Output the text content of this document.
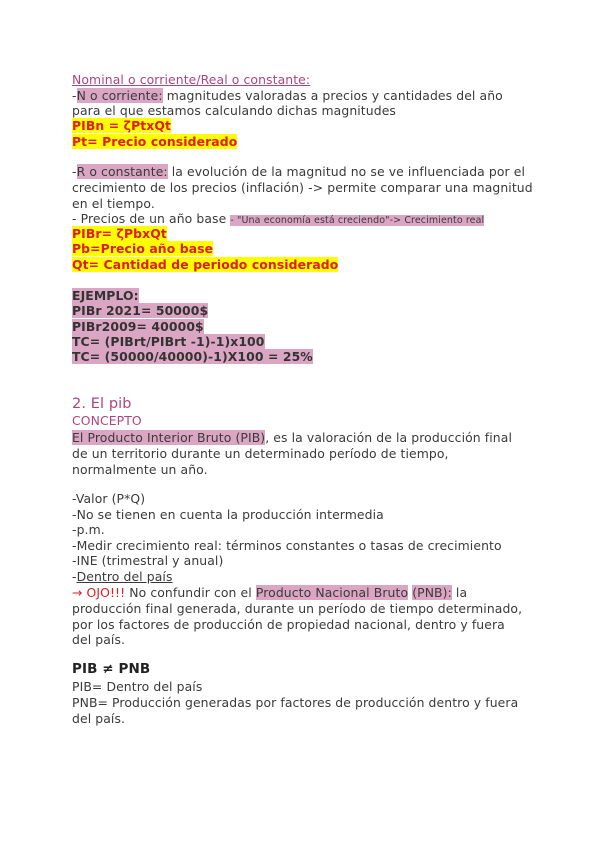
Nominal o corriente/Real o constante:
-N o corriente: magnitudes valoradas a precios y cantidades del año
para el que estamos calculando dichas magnitudes
PIBn = ζPtxQt
Pt= Precio considerado
-R o constante: la evolución de la magnitud no se ve influenciada por el
crecimiento de los precios (inflación) -> permite comparar una magnitud
en el tiempo.
- Precios de un año base - "Una economía está creciendo"-> Crecimiento real
PIBr= ζPbxQt
Pb=Precio año base
Qt= Cantidad de periodo considerado
EJEMPLO:
PIBr 2021= 50000$
PIBr2009= 40000$
TC= (PIBrt/PIBrt -1)-1)x100
TC= (50000/40000)-1)X100 = 25%
2. El pib
CONCEPTO
El Producto Interior Bruto (PIB), es la valoración de la producción final
de un territorio durante un determinado período de tiempo,
normalmente un año.
-Valor (P*Q)
-No se tienen en cuenta la producción intermedia
-p.m.
-Medir crecimiento real: términos constantes o tasas de crecimiento
-INE (trimestral y anual)
-Dentro del país
→ OJO!!! No confundir con el Producto Nacional Bruto (PNB): la
producción final generada, durante un período de tiempo determinado,
por los factores de producción de propiedad nacional, dentro y fuera
del país.
PIB ≠ PNB
PIB= Dentro del país
PNB= Producción generadas por factores de producción dentro y fuera
del país.
